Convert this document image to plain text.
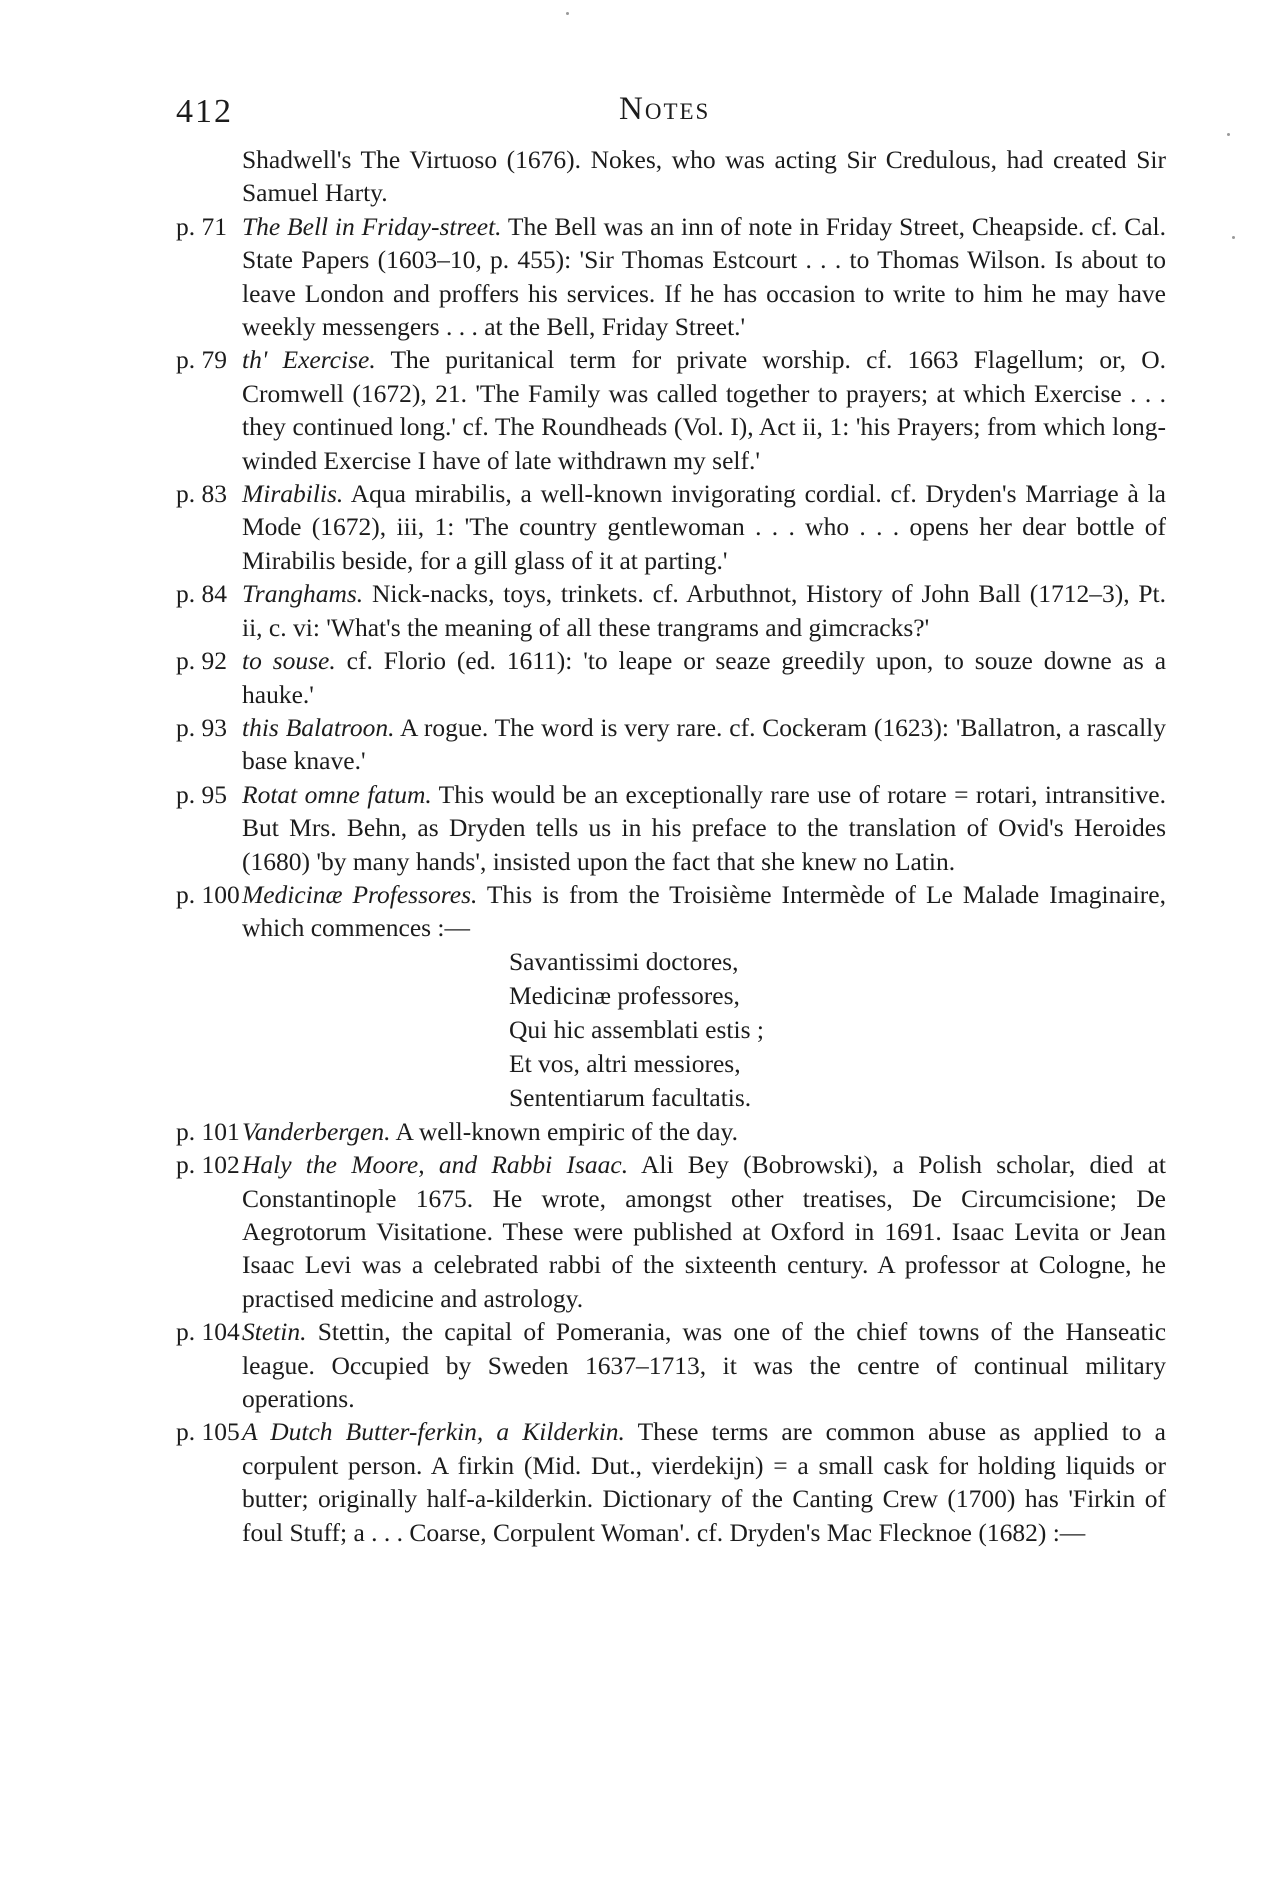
412	Notes
Shadwell's The Virtuoso (1676). Nokes, who was acting Sir Credulous, had created Sir Samuel Harty.
p. 71 The Bell in Friday-street. The Bell was an inn of note in Friday Street, Cheapside. cf. Cal. State Papers (1603–10, p. 455): 'Sir Thomas Estcourt . . . to Thomas Wilson. Is about to leave London and proffers his services. If he has occasion to write to him he may have weekly messengers . . . at the Bell, Friday Street.'
p. 79 th' Exercise. The puritanical term for private worship. cf. 1663 Flagellum; or, O. Cromwell (1672), 21. 'The Family was called together to prayers; at which Exercise . . . they continued long.' cf. The Roundheads (Vol. I), Act ii, 1: 'his Prayers; from which long-winded Exercise I have of late withdrawn my self.'
p. 83 Mirabilis. Aqua mirabilis, a well-known invigorating cordial. cf. Dryden's Marriage à la Mode (1672), iii, 1: 'The country gentlewoman . . . who . . . opens her dear bottle of Mirabilis beside, for a gill glass of it at parting.'
p. 84 Tranghams. Nick-nacks, toys, trinkets. cf. Arbuthnot, History of John Ball (1712–3), Pt. ii, c. vi: 'What's the meaning of all these trangrams and gimcracks?'
p. 92 to souse. cf. Florio (ed. 1611): 'to leape or seaze greedily upon, to souze downe as a hauke.'
p. 93 this Balatroon. A rogue. The word is very rare. cf. Cockeram (1623): 'Ballatron, a rascally base knave.'
p. 95 Rotat omne fatum. This would be an exceptionally rare use of rotare = rotari, intransitive. But Mrs. Behn, as Dryden tells us in his preface to the translation of Ovid's Heroides (1680) 'by many hands', insisted upon the fact that she knew no Latin.
p. 100 Medicinæ Professores. This is from the Troisième Intermède of Le Malade Imaginaire, which commences :—
Savantissimi doctores,
Medicinæ professores,
Qui hic assemblati estis ;
Et vos, altri messiores,
Sententiarum facultatis.
p. 101 Vanderbergen. A well-known empiric of the day.
p. 102 Haly the Moore, and Rabbi Isaac. Ali Bey (Bobrowski), a Polish scholar, died at Constantinople 1675. He wrote, amongst other treatises, De Circumcisione; De Aegrotorum Visitatione. These were published at Oxford in 1691. Isaac Levita or Jean Isaac Levi was a celebrated rabbi of the sixteenth century. A professor at Cologne, he practised medicine and astrology.
p. 104 Stetin. Stettin, the capital of Pomerania, was one of the chief towns of the Hanseatic league. Occupied by Sweden 1637–1713, it was the centre of continual military operations.
p. 105 A Dutch Butter-ferkin, a Kilderkin. These terms are common abuse as applied to a corpulent person. A firkin (Mid. Dut., vierdekijn) = a small cask for holding liquids or butter; originally half-a-kilderkin. Dictionary of the Canting Crew (1700) has 'Firkin of foul Stuff; a . . . Coarse, Corpulent Woman'. cf. Dryden's Mac Flecknoe (1682) :—
